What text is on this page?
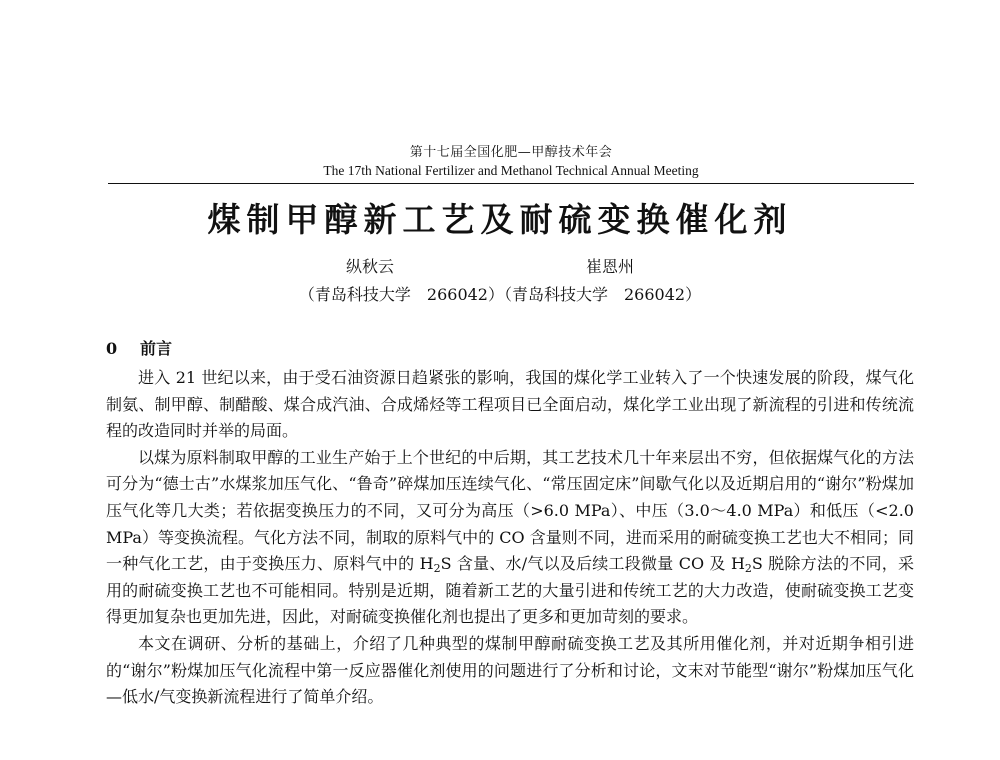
第十七届全国化肥—甲醇技术年会
The 17th National Fertilizer and Methanol Technical Annual Meeting
煤制甲醇新工艺及耐硫变换催化剂
纵秋云	崔恩州
（青岛科技大学　266042）（青岛科技大学　266042）
0 前言

进入 21 世纪以来，由于受石油资源日趋紧张的影响，我国的煤化学工业转入了一个快速发展的阶段，煤气化制氨、制甲醇、制醋酸、煤合成汽油、合成烯烃等工程项目已全面启动，煤化学工业出现了新流程的引进和传统流程的改造同时并举的局面。

以煤为原料制取甲醇的工业生产始于上个世纪的中后期，其工艺技术几十年来层出不穷，但依据煤气化的方法可分为“德士古”水煤浆加压气化、“鲁奇”碎煤加压连续气化、“常压固定床”间歇气化以及近期启用的“谢尔”粉煤加压气化等几大类；若依据变换压力的不同，又可分为高压（>6.0 MPa）、中压（3.0～4.0 MPa）和低压（<2.0 MPa）等变换流程。气化方法不同，制取的原料气中的 CO 含量则不同，进而采用的耐硫变换工艺也大不相同；同一种气化工艺，由于变换压力、原料气中的 $H_2S$ 含量、水/气以及后续工段微量 CO 及 $H_2S$ 脱除方法的不同，采用的耐硫变换工艺也不可能相同。特别是近期，随着新工艺的大量引进和传统工艺的大力改造，使耐硫变换工艺变得更加复杂也更加先进，因此，对耐硫变换催化剂也提出了更多和更加苛刻的要求。

本文在调研、分析的基础上，介绍了几种典型的煤制甲醇耐硫变换工艺及其所用催化剂，并对近期争相引进的“谢尔”粉煤加压气化流程中第一反应器催化剂使用的问题进行了分析和讨论，文末对节能型“谢尔”粉煤加压气化—低水/气变换新流程进行了简单介绍。
